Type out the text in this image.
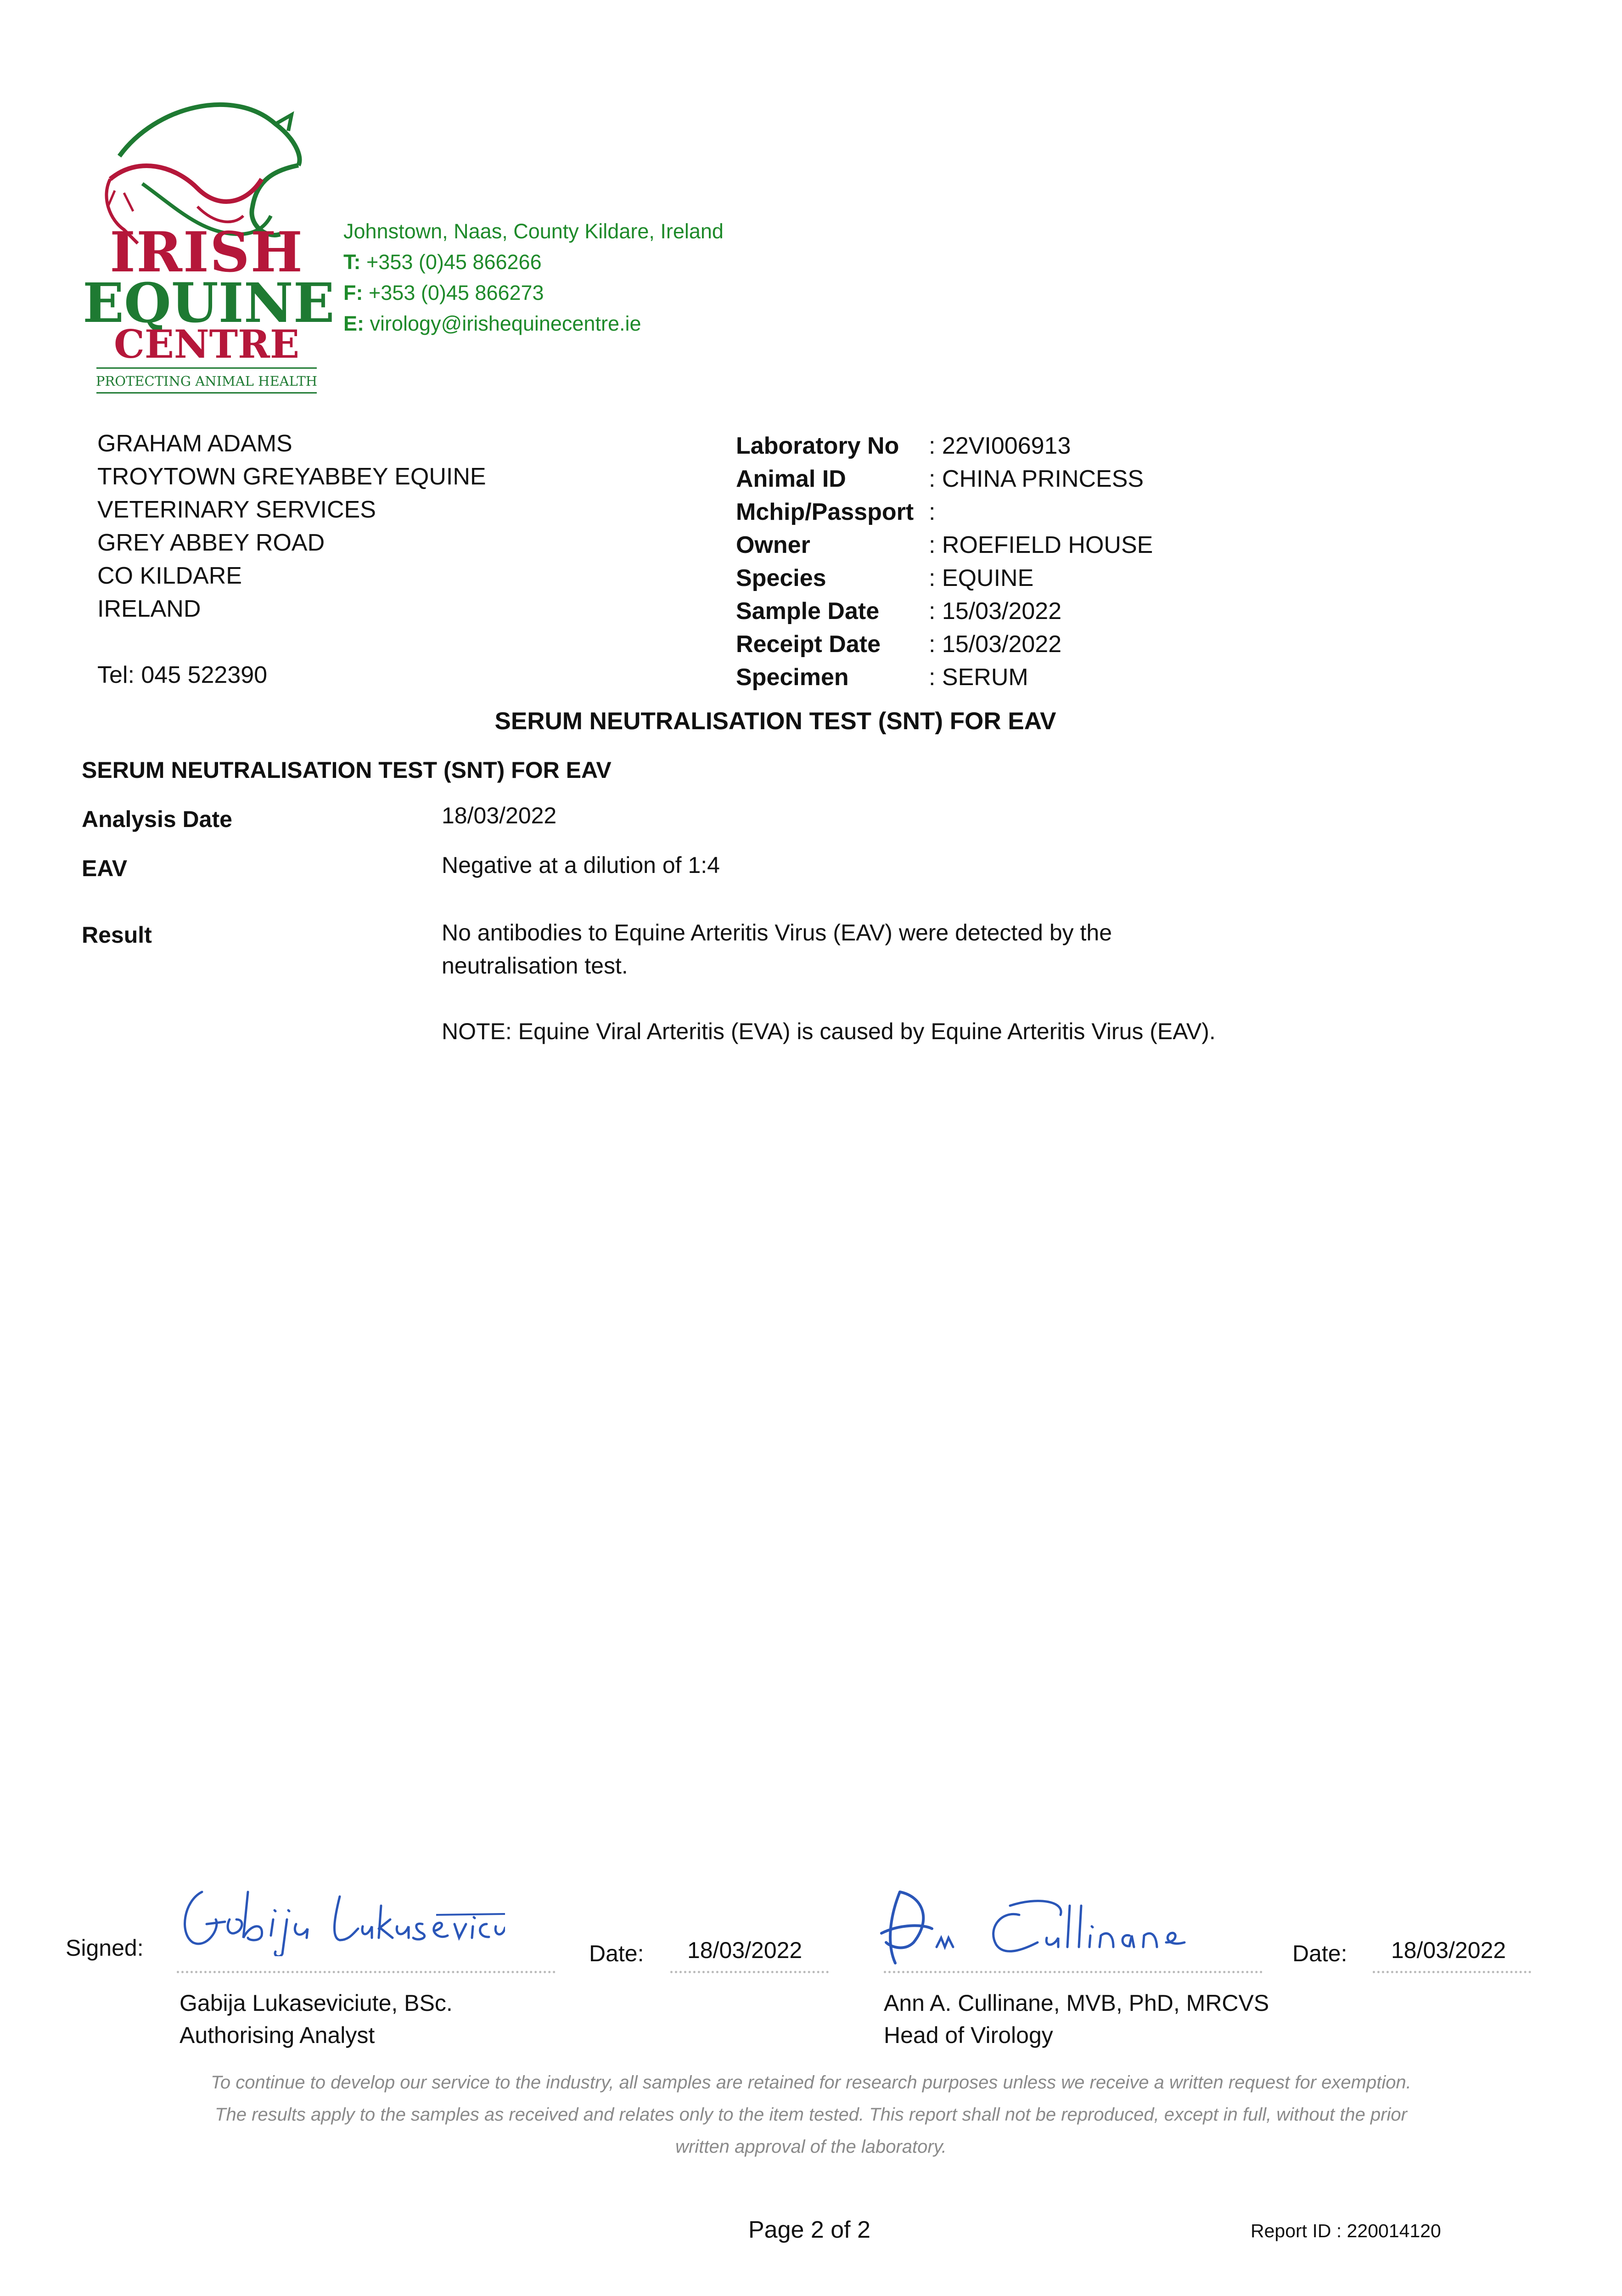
IRISH
EQUINE
CENTRE
PROTECTING ANIMAL HEALTH
Johnstown, Naas, County Kildare, Ireland
T: +353 (0)45 866266
F: +353 (0)45 866273
E: virology@irishequinecentre.ie
GRAHAM ADAMS
TROYTOWN GREYABBEY EQUINE
VETERINARY SERVICES
GREY ABBEY ROAD
CO KILDARE
IRELAND
Tel: 045 522390
Laboratory No	: 22VI006913
Animal ID	: CHINA PRINCESS
Mchip/Passport :
Owner	: ROEFIELD HOUSE
Species	: EQUINE
Sample Date	: 15/03/2022
Receipt Date	: 15/03/2022
Specimen	: SERUM
SERUM NEUTRALISATION TEST (SNT) FOR EAV
SERUM NEUTRALISATION TEST (SNT) FOR EAV
Analysis Date	18/03/2022
EAV	Negative at a dilution of 1:4
Result	No antibodies to Equine Arteritis Virus (EAV) were detected by the neutralisation test.
NOTE: Equine Viral Arteritis (EVA) is caused by Equine Arteritis Virus (EAV).
Signed:	Date: 18/03/2022
Gabija Lukaseviciute, BSc.
Authorising Analyst
Date: 18/03/2022
Ann A. Cullinane, MVB, PhD, MRCVS
Head of Virology
To continue to develop our service to the industry, all samples are retained for research purposes unless we receive a written request for exemption.
The results apply to the samples as received and relates only to the item tested. This report shall not be reproduced, except in full, without the prior
written approval of the laboratory.
Page 2 of 2	Report ID : 220014120
